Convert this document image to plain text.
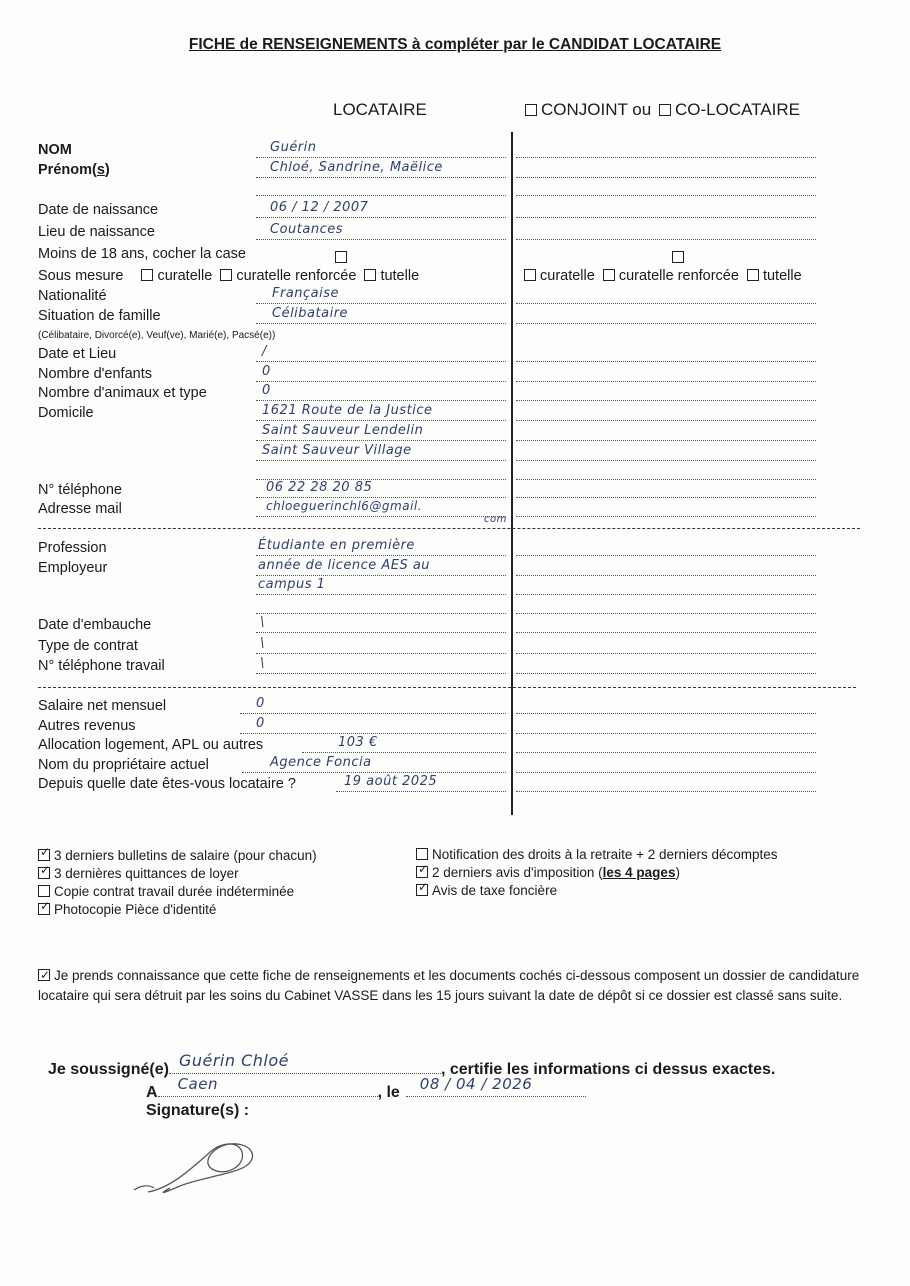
FICHE de RENSEIGNEMENTS à compléter par le CANDIDAT LOCATAIRE
LOCATAIRE	CONJOINT ou CO-LOCATAIRE
NOM	Guérin
Prénom(s)	Chloé, Sandrine, Maëlice
Date de naissance	06 / 12 / 2007
Lieu de naissance	Coutances
Moins de 18 ans, cocher la case
Sous mesure curatelle curatelle renforcée tutelle	curatelle curatelle renforcée tutelle
Nationalité	Française
Situation de famille	Célibataire
(Célibataire, Divorcé(e), Veuf(ve), Marié(e), Pacsé(e))
Date et Lieu	/
Nombre d'enfants	0
Nombre d'animaux et type	0
Domicile	1621 Route de la Justice
Saint Sauveur Lendelin
Saint Sauveur Village
N° téléphone	06 22 28 20 85
Adresse mail	chloeguerinchl6@gmail.
com
Profession	Étudiante en première
Employeur	année de licence AES au
campus 1
Date d'embauche	\
Type de contrat	\
N° téléphone travail	\
Salaire net mensuel	0
Autres revenus	0
Allocation logement, APL ou autres	103 €
Nom du propriétaire actuel	Agence Foncia
Depuis quelle date êtes-vous locataire ?	19 août 2025
✓3 derniers bulletins de salaire (pour chacun)
✓3 dernières quittances de loyer
Copie contrat travail durée indéterminée
✓Photocopie Pièce d'identité
Notification des droits à la retraite + 2 derniers décomptes
✓2 derniers avis d'imposition (les 4 pages)
✓Avis de taxe foncière
✓Je prends connaissance que cette fiche de renseignements et les documents cochés ci-dessous composent un dossier de candidature locataire qui sera détruit par les soins du Cabinet VASSE dans les 15 jours suivant la date de dépôt si ce dossier est classé sans suite.
Je soussigné(e) Guérin Chloé	, certifie les informations ci dessus exactes.
A Caen	, le 08 / 04 / 2026
Signature(s) :
